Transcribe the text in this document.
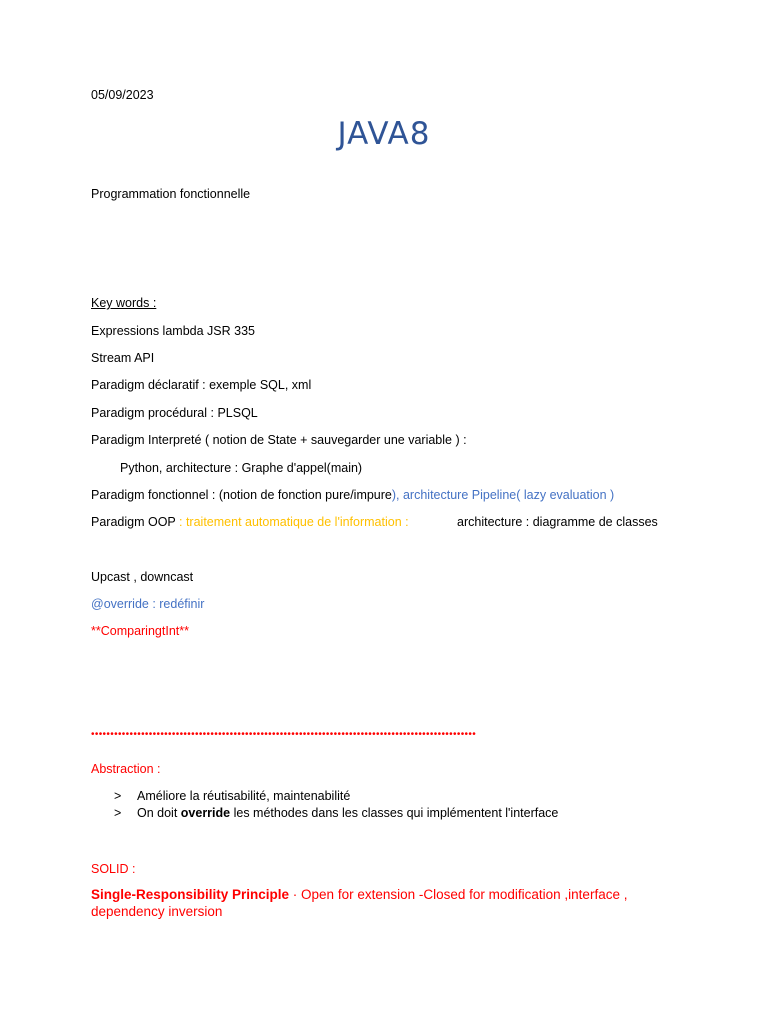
05/09/2023
JAVA8
Programmation fonctionnelle
Key words :
Expressions lambda JSR 335
Stream API
Paradigm déclaratif : exemple SQL, xml
Paradigm procédural : PLSQL
Paradigm Interpreté ( notion de State + sauvegarder une variable ) :
Python, architecture : Graphe d'appel(main)
Paradigm fonctionnel : (notion de fonction pure/impure), architecture Pipeline( lazy evaluation )
Paradigm OOP : traitement automatique de l'information :	architecture : diagramme de classes
Upcast , downcast
@override : redéfinir
**ComparingtInt**
••••••••••••••••••••••••••••••••••••••••••••••••••••••••••••••••••••••••••••••••••••••••••••••••••••
Abstraction :
> Améliore la réutisabilité, maintenabilité
> On doit override les méthodes dans les classes qui implémentent l'interface
SOLID :
Single-Responsibility Principle · Open for extension -Closed for modification ,interface ,
dependency inversion
